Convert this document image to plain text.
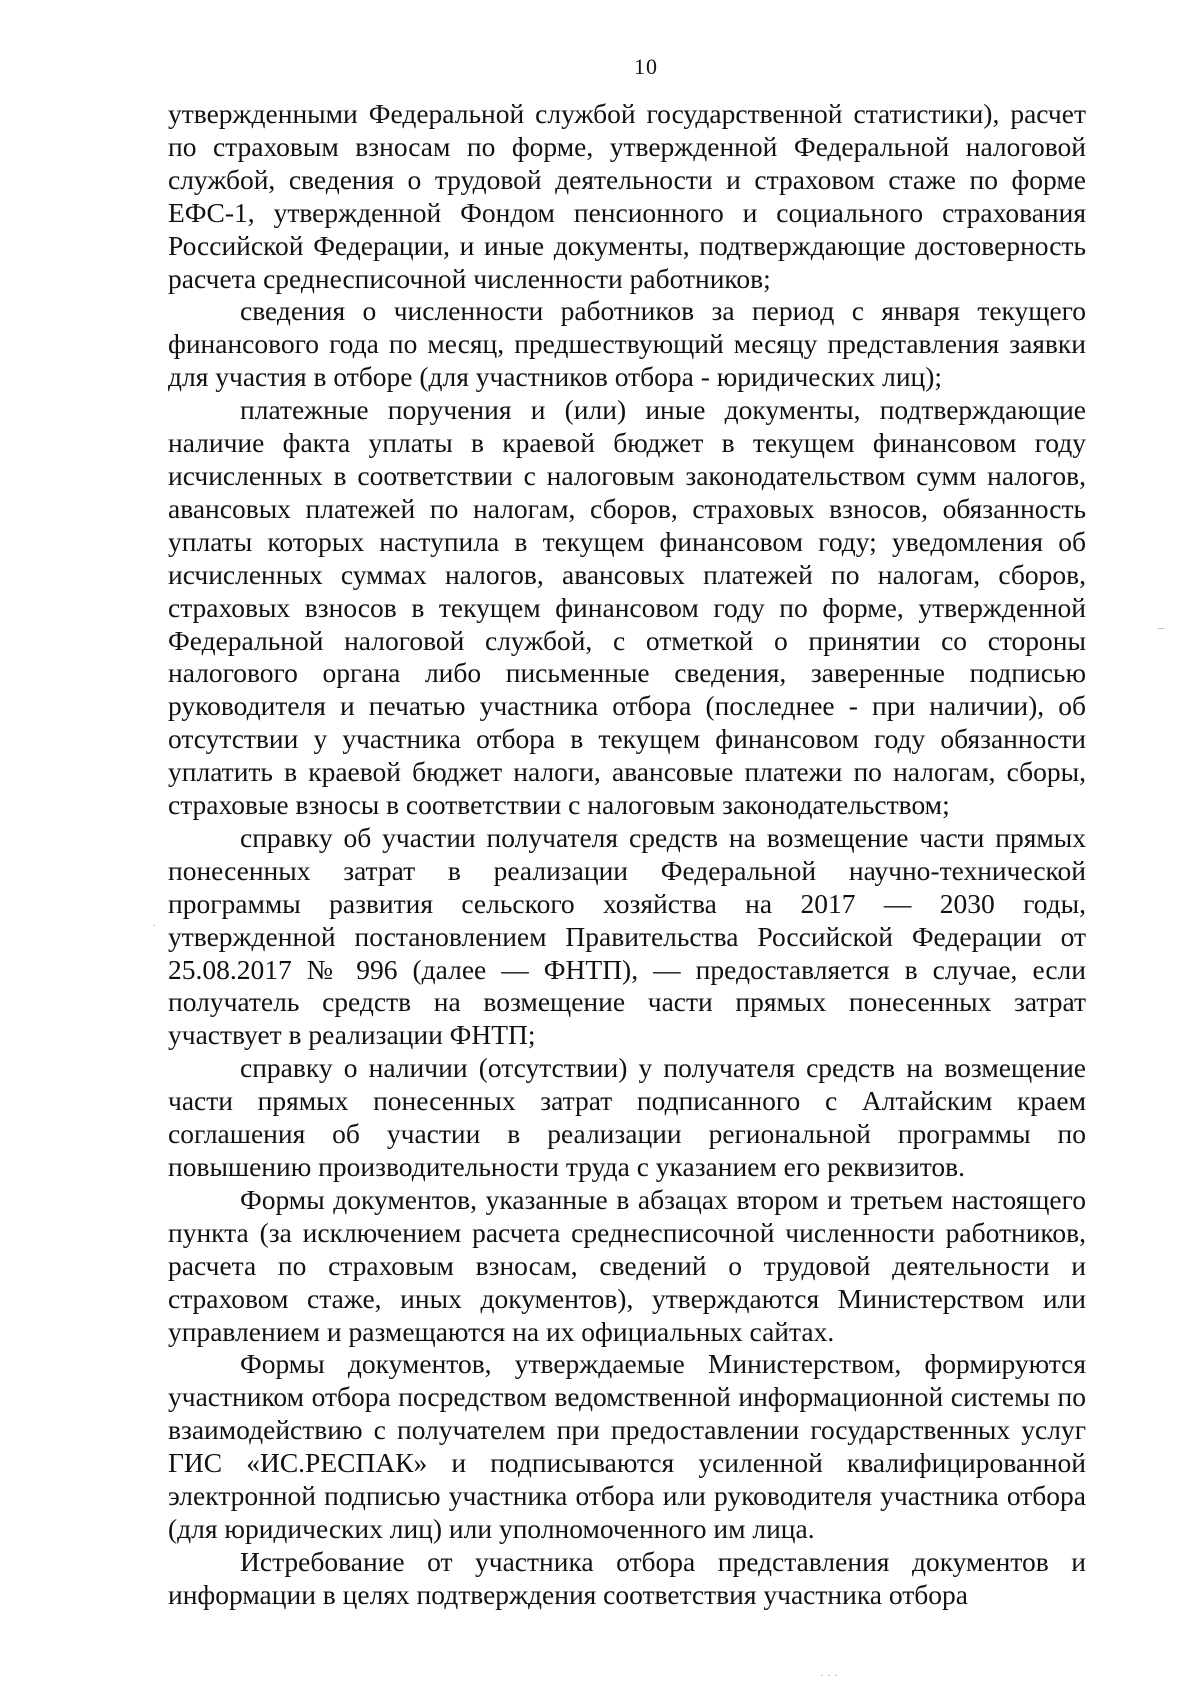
10

утвержденными Федеральной службой государственной статистики), расчет по страховым взносам по форме, утвержденной Федеральной налоговой службой, сведения о трудовой деятельности и страховом стаже по форме ЕФС-1, утвержденной Фондом пенсионного и социального страхования Российской Федерации, и иные документы, подтверждающие достоверность расчета среднесписочной численности работников;

сведения о численности работников за период с января текущего финансового года по месяц, предшествующий месяцу представления заявки для участия в отборе (для участников отбора - юридических лиц);

платежные поручения и (или) иные документы, подтверждающие наличие факта уплаты в краевой бюджет в текущем финансовом году исчисленных в соответствии с налоговым законодательством сумм налогов, авансовых платежей по налогам, сборов, страховых взносов, обязанность уплаты которых наступила в текущем финансовом году; уведомления об исчисленных суммах налогов, авансовых платежей по налогам, сборов, страховых взносов в текущем финансовом году по форме, утвержденной Федеральной налоговой службой, с отметкой о принятии со стороны налогового органа либо письменные сведения, заверенные подписью руководителя и печатью участника отбора (последнее - при наличии), об отсутствии у участника отбора в текущем финансовом году обязанности уплатить в краевой бюджет налоги, авансовые платежи по налогам, сборы, страховые взносы в соответствии с налоговым законодательством;

справку об участии получателя средств на возмещение части прямых понесенных затрат в реализации Федеральной научно-технической программы развития сельского хозяйства на 2017 — 2030 годы, утвержденной постановлением Правительства Российской Федерации от 25.08.2017 № 996 (далее — ФНТП), — предоставляется в случае, если получатель средств на возмещение части прямых понесенных затрат участвует в реализации ФНТП;

справку о наличии (отсутствии) у получателя средств на возмещение части прямых понесенных затрат подписанного с Алтайским краем соглашения об участии в реализации региональной программы по повышению производительности труда с указанием его реквизитов.

Формы документов, указанные в абзацах втором и третьем настоящего пункта (за исключением расчета среднесписочной численности работников, расчета по страховым взносам, сведений о трудовой деятельности и страховом стаже, иных документов), утверждаются Министерством или управлением и размещаются на их официальных сайтах.

Формы документов, утверждаемые Министерством, формируются участником отбора посредством ведомственной информационной системы по взаимодействию с получателем при предоставлении государственных услуг ГИС «ИС.РЕСПАК» и подписываются усиленной квалифицированной электронной подписью участника отбора или руководителя участника отбора (для юридических лиц) или уполномоченного им лица.

Истребование от участника отбора представления документов и информации в целях подтверждения соответствия участника отбора

–
·
· · ·
